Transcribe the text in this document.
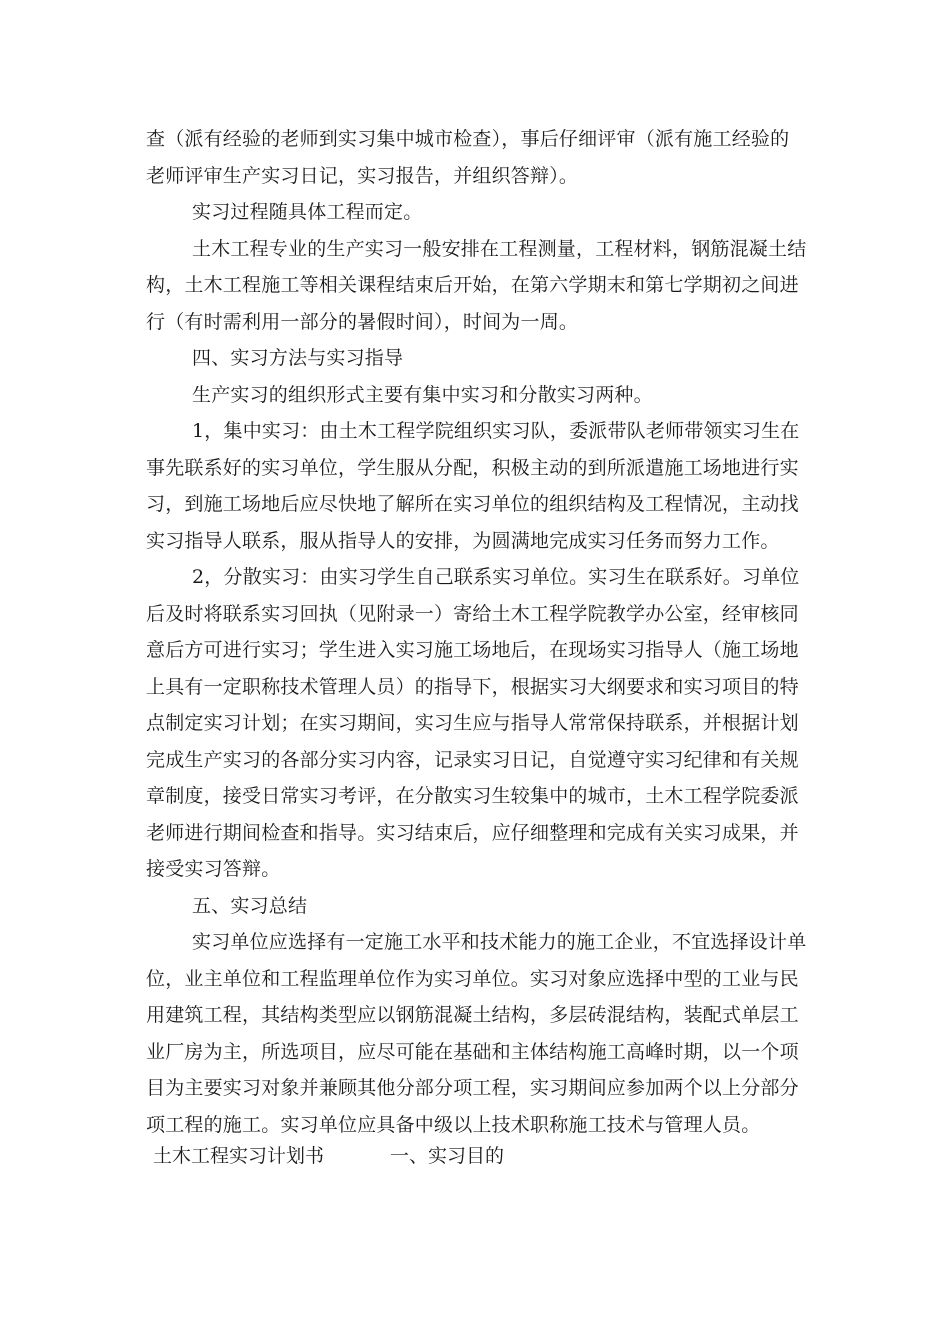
查（派有经验的老师到实习集中城市检查），事后仔细评审（派有施工经验的
老师评审生产实习日记，实习报告，并组织答辩）。
实习过程随具体工程而定。
土木工程专业的生产实习一般安排在工程测量，工程材料，钢筋混凝土结
构，土木工程施工等相关课程结束后开始，在第六学期末和第七学期初之间进
行（有时需利用一部分的暑假时间），时间为一周。
四、实习方法与实习指导
生产实习的组织形式主要有集中实习和分散实习两种。
1，集中实习：由土木工程学院组织实习队，委派带队老师带领实习生在
事先联系好的实习单位，学生服从分配，积极主动的到所派遣施工场地进行实
习，到施工场地后应尽快地了解所在实习单位的组织结构及工程情况，主动找
实习指导人联系，服从指导人的安排，为圆满地完成实习任务而努力工作。
2，分散实习：由实习学生自己联系实习单位。实习生在联系好。习单位
后及时将联系实习回执（见附录一）寄给土木工程学院教学办公室，经审核同
意后方可进行实习；学生进入实习施工场地后，在现场实习指导人（施工场地
上具有一定职称技术管理人员）的指导下，根据实习大纲要求和实习项目的特
点制定实习计划；在实习期间，实习生应与指导人常常保持联系，并根据计划
完成生产实习的各部分实习内容，记录实习日记，自觉遵守实习纪律和有关规
章制度，接受日常实习考评，在分散实习生较集中的城市，土木工程学院委派
老师进行期间检查和指导。实习结束后，应仔细整理和完成有关实习成果，并
接受实习答辩。
五、实习总结
实习单位应选择有一定施工水平和技术能力的施工企业，不宜选择设计单
位，业主单位和工程监理单位作为实习单位。实习对象应选择中型的工业与民
用建筑工程，其结构类型应以钢筋混凝土结构，多层砖混结构，装配式单层工
业厂房为主，所选项目，应尽可能在基础和主体结构施工高峰时期，以一个项
目为主要实习对象并兼顾其他分部分项工程，实习期间应参加两个以上分部分
项工程的施工。实习单位应具备中级以上技术职称施工技术与管理人员。
土木工程实习计划书	一、实习目的
